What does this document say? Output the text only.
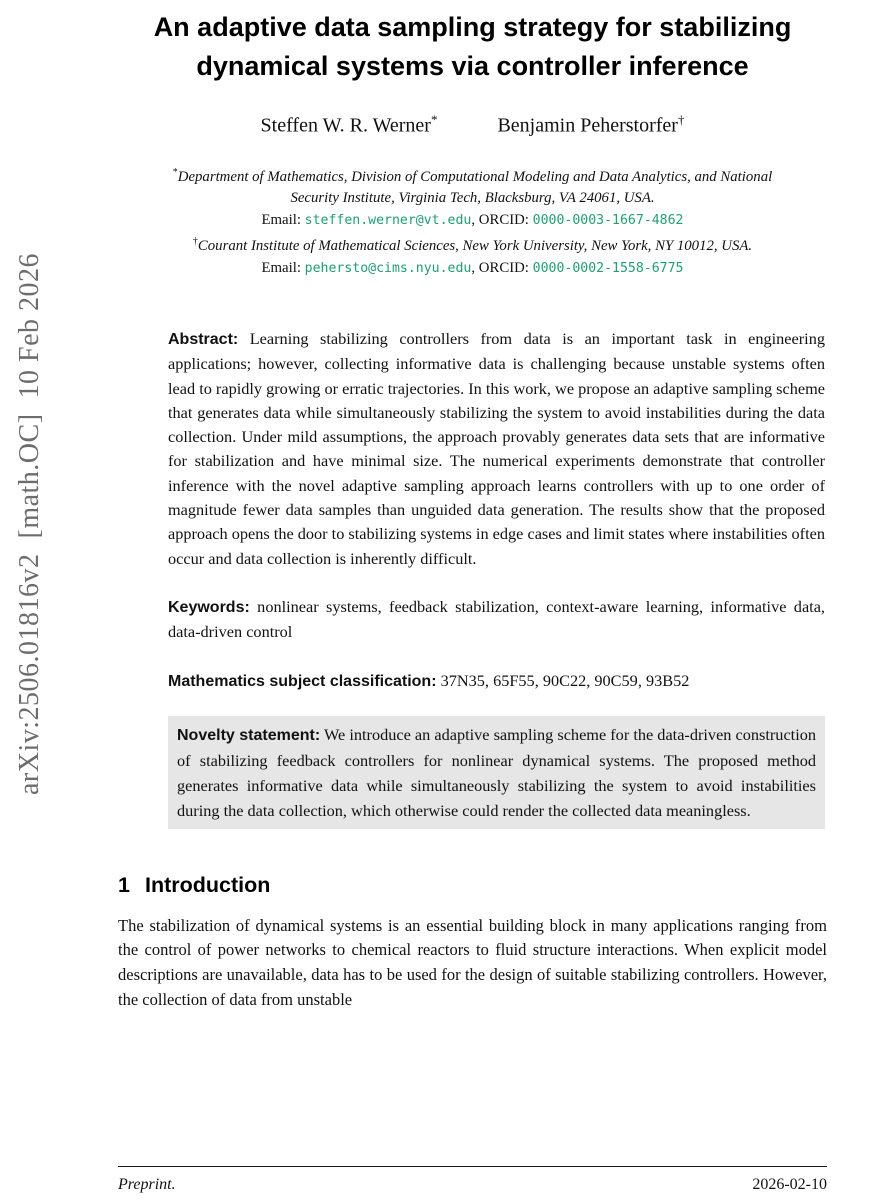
arXiv:2506.01816v2  [math.OC]  10 Feb 2026
An adaptive data sampling strategy for stabilizing dynamical systems via controller inference
Steffen W. R. Werner*	Benjamin Peherstorfer†

*Department of Mathematics, Division of Computational Modeling and Data Analytics, and National Security Institute, Virginia Tech, Blacksburg, VA 24061, USA.

Email: steffen.werner@vt.edu, ORCID: 0000-0003-1667-4862

†Courant Institute of Mathematical Sciences, New York University, New York, NY 10012, USA.

Email: pehersto@cims.nyu.edu, ORCID: 0000-0002-1558-6775

Abstract: Learning stabilizing controllers from data is an important task in engineering applications; however, collecting informative data is challenging because unstable systems often lead to rapidly growing or erratic trajectories. In this work, we propose an adaptive sampling scheme that generates data while simultaneously stabilizing the system to avoid instabilities during the data collection. Under mild assumptions, the approach provably generates data sets that are informative for stabilization and have minimal size. The numerical experiments demonstrate that controller inference with the novel adaptive sampling approach learns controllers with up to one order of magnitude fewer data samples than unguided data generation. The results show that the proposed approach opens the door to stabilizing systems in edge cases and limit states where instabilities often occur and data collection is inherently difficult.

Keywords: nonlinear systems, feedback stabilization, context-aware learning, informative data, data-driven control

Mathematics subject classification: 37N35, 65F55, 90C22, 90C59, 93B52

Novelty statement: We introduce an adaptive sampling scheme for the data-driven construction of stabilizing feedback controllers for nonlinear dynamical systems. The proposed method generates informative data while simultaneously stabilizing the system to avoid instabilities during the data collection, which otherwise could render the collected data meaningless.
1 Introduction

The stabilization of dynamical systems is an essential building block in many applications ranging from the control of power networks to chemical reactors to fluid structure interactions. When explicit model descriptions are unavailable, data has to be used for the design of suitable stabilizing controllers. However, the collection of data from unstable

Preprint.	2026-02-10
